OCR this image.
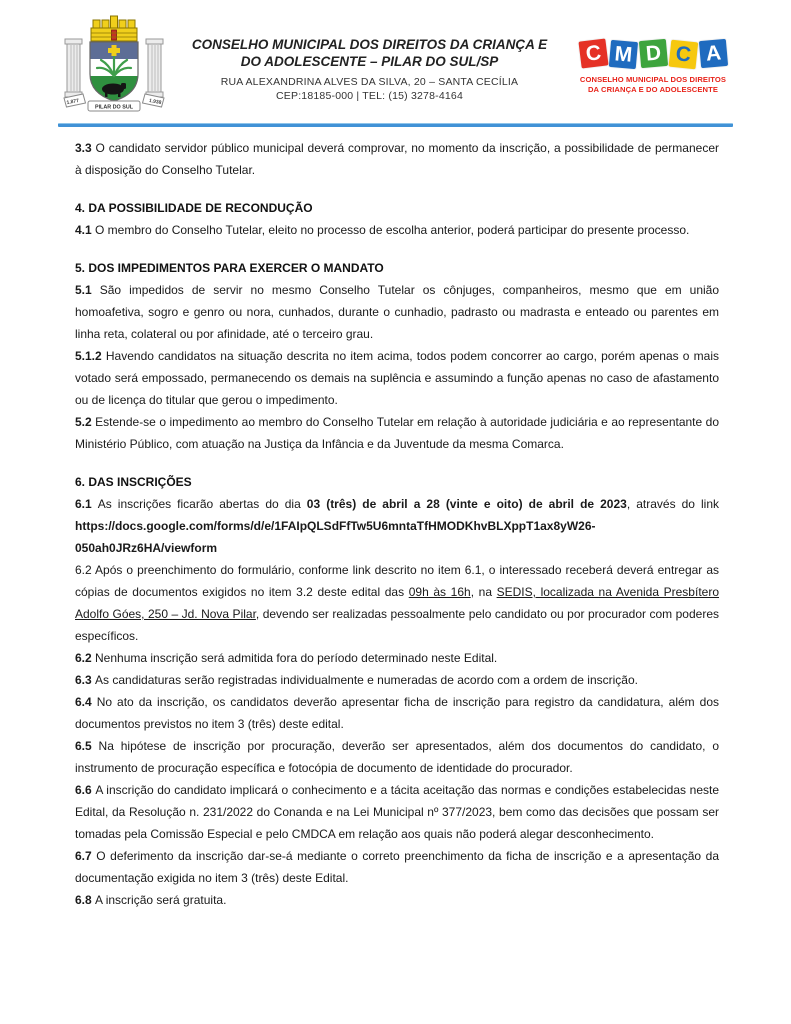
1.877
PILAR DO SUL
1.938
CONSELHO MUNICIPAL DOS DIREITOS DA CRIANÇA E
DO ADOLESCENTE – PILAR DO SUL/SP
RUA ALEXANDRINA ALVES DA SILVA, 20 – SANTA CECÍLIA
CEP:18185-000 | TEL: (15) 3278-4164
C M D C A
CONSELHO MUNICIPAL DOS DIREITOS
DA CRIANÇA E DO ADOLESCENTE

3.3 O candidato servidor público municipal deverá comprovar, no momento da inscrição, a possibilidade de permanecer à disposição do Conselho Tutelar.

4. DA POSSIBILIDADE DE RECONDUÇÃO

4.1 O membro do Conselho Tutelar, eleito no processo de escolha anterior, poderá participar do presente processo.

5. DOS IMPEDIMENTOS PARA EXERCER O MANDATO

5.1 São impedidos de servir no mesmo Conselho Tutelar os cônjuges, companheiros, mesmo que em união homoafetiva, sogro e genro ou nora, cunhados, durante o cunhadio, padrasto ou madrasta e enteado ou parentes em linha reta, colateral ou por afinidade, até o terceiro grau.

5.1.2 Havendo candidatos na situação descrita no item acima, todos podem concorrer ao cargo, porém apenas o mais votado será empossado, permanecendo os demais na suplência e assumindo a função apenas no caso de afastamento ou de licença do titular que gerou o impedimento.

5.2 Estende-se o impedimento ao membro do Conselho Tutelar em relação à autoridade judiciária e ao representante do Ministério Público, com atuação na Justiça da Infância e da Juventude da mesma Comarca.

6. DAS INSCRIÇÕES

6.1 As inscrições ficarão abertas do dia 03 (três) de abril a 28 (vinte e oito) de abril de 2023, através do link https://docs.google.com/forms/d/e/1FAIpQLSdFfTw5U6mntaTfHMODKhvBLXppT1ax8yW26-
050ah0JRz6HA/viewform

6.2 Após o preenchimento do formulário, conforme link descrito no item 6.1, o interessado receberá deverá entregar as cópias de documentos exigidos no item 3.2 deste edital das 09h às 16h, na SEDIS, localizada na Avenida Presbítero Adolfo Góes, 250 – Jd. Nova Pilar, devendo ser realizadas pessoalmente pelo candidato ou por procurador com poderes específicos.

6.2 Nenhuma inscrição será admitida fora do período determinado neste Edital.

6.3 As candidaturas serão registradas individualmente e numeradas de acordo com a ordem de inscrição.

6.4 No ato da inscrição, os candidatos deverão apresentar ficha de inscrição para registro da candidatura, além dos documentos previstos no item 3 (três) deste edital.

6.5 Na hipótese de inscrição por procuração, deverão ser apresentados, além dos documentos do candidato, o instrumento de procuração específica e fotocópia de documento de identidade do procurador.

6.6 A inscrição do candidato implicará o conhecimento e a tácita aceitação das normas e condições estabelecidas neste Edital, da Resolução n. 231/2022 do Conanda e na Lei Municipal nº 377/2023, bem como das decisões que possam ser tomadas pela Comissão Especial e pelo CMDCA em relação aos quais não poderá alegar desconhecimento.

6.7 O deferimento da inscrição dar-se-á mediante o correto preenchimento da ficha de inscrição e a apresentação da documentação exigida no item 3 (três) deste Edital.

6.8 A inscrição será gratuita.
